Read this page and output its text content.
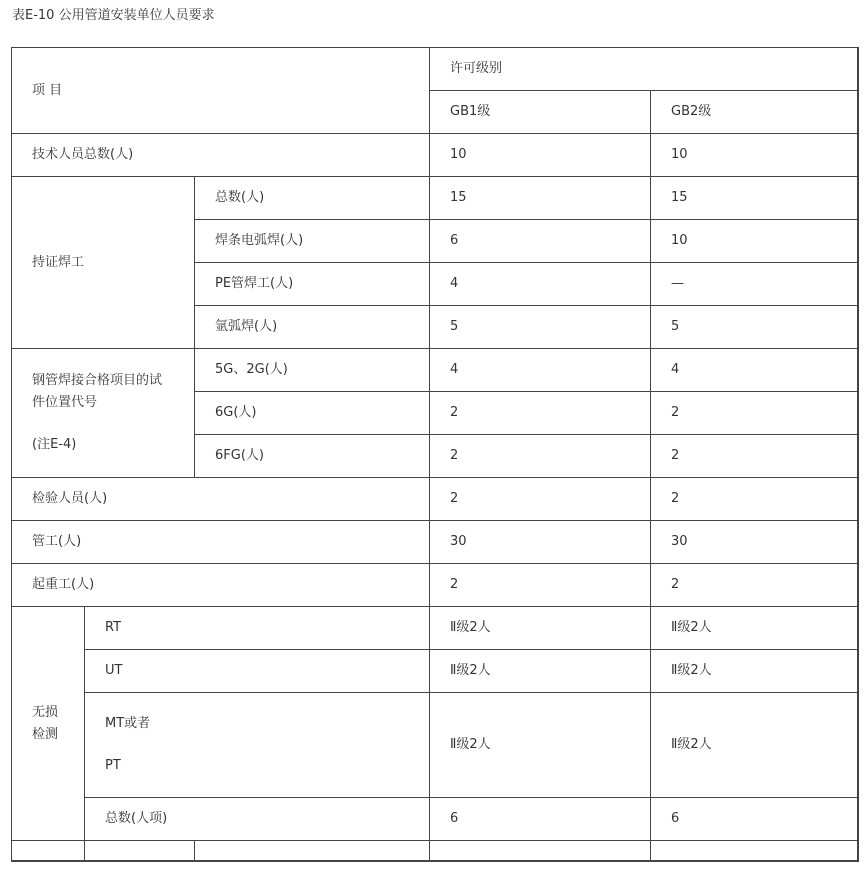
表E-10 公用管道安装单位人员要求
项 目			许可级别	
			GB1级	GB2级
技术人员总数(人)			10	10
持证焊工		总数(人)	15	15
		焊条电弧焊(人)	6	10
		PE管焊工(人)	4	—
		氩弧焊(人)	5	5

钢管焊接合格项目的试
件位置代号
(注E-4)		5G、2G(人)	4	4
		6G(人)	2	2
		6FG(人)	2	2
检验人员(人)			2	2
管工(人)			30	30
起重工(人)			2	2

无损
检测	RT		Ⅱ级2人	Ⅱ级2人
	UT		Ⅱ级2人	Ⅱ级2人

	MT或者
PT		Ⅱ级2人	Ⅱ级2人
	总数(人项)		6	6
